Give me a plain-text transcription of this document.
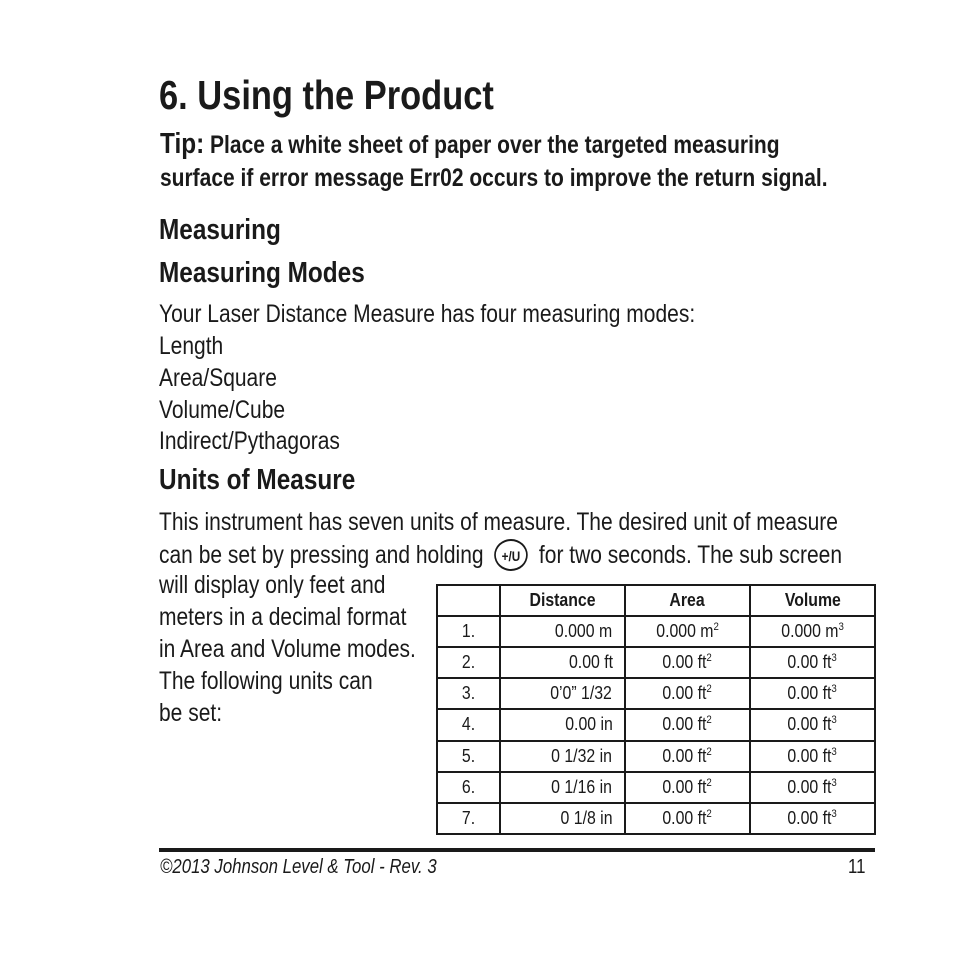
6. Using the Product
Tip: Place a white sheet of paper over the targeted measuring
surface if error message Err02 occurs to improve the return signal.
Measuring
Measuring Modes
Your Laser Distance Measure has four measuring modes:
Length
Area/Square
Volume/Cube
Indirect/Pythagoras
Units of Measure
This instrument has seven units of measure. The desired unit of measure
can be set by pressing and holding +/U for two seconds. The sub screen
will display only feet and
meters in a decimal format
in Area and Volume modes.
The following units can
be set:
	Distance	Area	Volume
1.	0.000 m	0.000 $m^2$	0.000 $m^3$
2.	0.00 ft	0.00 $ft^2$	0.00 $ft^3$
3.	0’0” 1/32	0.00 $ft^2$	0.00 $ft^3$
4.	0.00 in	0.00 $ft^2$	0.00 $ft^3$
5.	0 1/32 in	0.00 $ft^2$	0.00 $ft^3$
6.	0 1/16 in	0.00 $ft^2$	0.00 $ft^3$
7.	0 1/8 in	0.00 $ft^2$	0.00 $ft^3$
©2013 Johnson Level & Tool - Rev. 3	11
